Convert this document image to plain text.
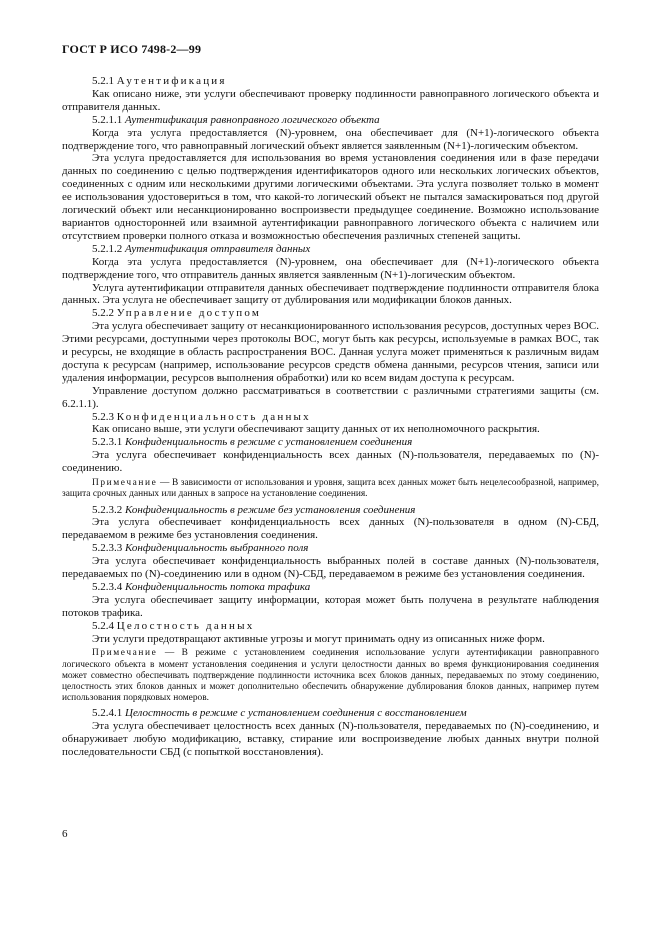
ГОСТ Р ИСО 7498-2—99

5.2.1 Аутентификация

Как описано ниже, эти услуги обеспечивают проверку подлинности равноправного логического объекта и отправителя данных.

5.2.1.1 Аутентификация равноправного логического объекта

Когда эта услуга предоставляется (N)-уровнем, она обеспечивает для (N+1)-логического объекта подтверждение того, что равноправный логический объект является заявленным (N+1)-логическим объектом.

Эта услуга предоставляется для использования во время установления соединения или в фазе передачи данных по соединению с целью подтверждения идентификаторов одного или нескольких логических объектов, соединенных с одним или несколькими другими логическими объектами. Эта услуга позволяет только в момент ее использования удостовериться в том, что какой-то логический объект не пытался замаскироваться под другой логический объект или несанкционированно воспроизвести предыдущее соединение. Возможно использование вариантов односторонней или взаимной аутентификации равноправного логического объекта с наличием или отсутствием проверки полного отказа и возможностью обеспечения различных степеней защиты.

5.2.1.2 Аутентификация отправителя данных

Когда эта услуга предоставляется (N)-уровнем, она обеспечивает для (N+1)-логического объекта подтверждение того, что отправитель данных является заявленным (N+1)-логическим объектом.

Услуга аутентификации отправителя данных обеспечивает подтверждение подлинности отправителя блока данных. Эта услуга не обеспечивает защиту от дублирования или модификации блоков данных.

5.2.2 Управление доступом

Эта услуга обеспечивает защиту от несанкционированного использования ресурсов, доступных через ВОС. Этими ресурсами, доступными через протоколы ВОС, могут быть как ресурсы, используемые в рамках ВОС, так и ресурсы, не входящие в область распространения ВОС. Данная услуга может применяться к различным видам доступа к ресурсам (например, использование ресурсов средств обмена данными, ресурсов чтения, записи или удаления информации, ресурсов выполнения обработки) или ко всем видам доступа к ресурсам.

Управление доступом должно рассматриваться в соответствии с различными стратегиями защиты (см. 6.2.1.1).

5.2.3 Конфиденциальность данных

Как описано выше, эти услуги обеспечивают защиту данных от их неполномочного раскрытия.

5.2.3.1 Конфиденциальность в режиме с установлением соединения

Эта услуга обеспечивает конфиденциальность всех данных (N)-пользователя, передаваемых по (N)-соединению.

Примечание — В зависимости от использования и уровня, защита всех данных может быть нецелесообразной, например, защита срочных данных или данных в запросе на установление соединения.

5.2.3.2 Конфиденциальность в режиме без установления соединения

Эта услуга обеспечивает конфиденциальность всех данных (N)-пользователя в одном (N)-СБД, передаваемом в режиме без установления соединения.

5.2.3.3 Конфиденциальность выбранного поля

Эта услуга обеспечивает конфиденциальность выбранных полей в составе данных (N)-пользователя, передаваемых по (N)-соединению или в одном (N)-СБД, передаваемом в режиме без установления соединения.

5.2.3.4 Конфиденциальность потока трафика

Эта услуга обеспечивает защиту информации, которая может быть получена в результате наблюдения потоков трафика.

5.2.4 Целостность данных

Эти услуги предотвращают активные угрозы и могут принимать одну из описанных ниже форм.

Примечание — В режиме с установлением соединения использование услуги аутентификации равноправного логического объекта в момент установления соединения и услуги целостности данных во время функционирования соединения может совместно обеспечивать подтверждение подлинности источника всех блоков данных, передаваемых по этому соединению, целостность этих блоков данных и может дополнительно обеспечить обнаружение дублирования блоков данных, например путем использования порядковых номеров.

5.2.4.1 Целостность в режиме с установлением соединения с восстановлением

Эта услуга обеспечивает целостность всех данных (N)-пользователя, передаваемых по (N)-соединению, и обнаруживает любую модификацию, вставку, стирание или воспроизведение любых данных внутри полной последовательности СБД (с попыткой восстановления).

6
